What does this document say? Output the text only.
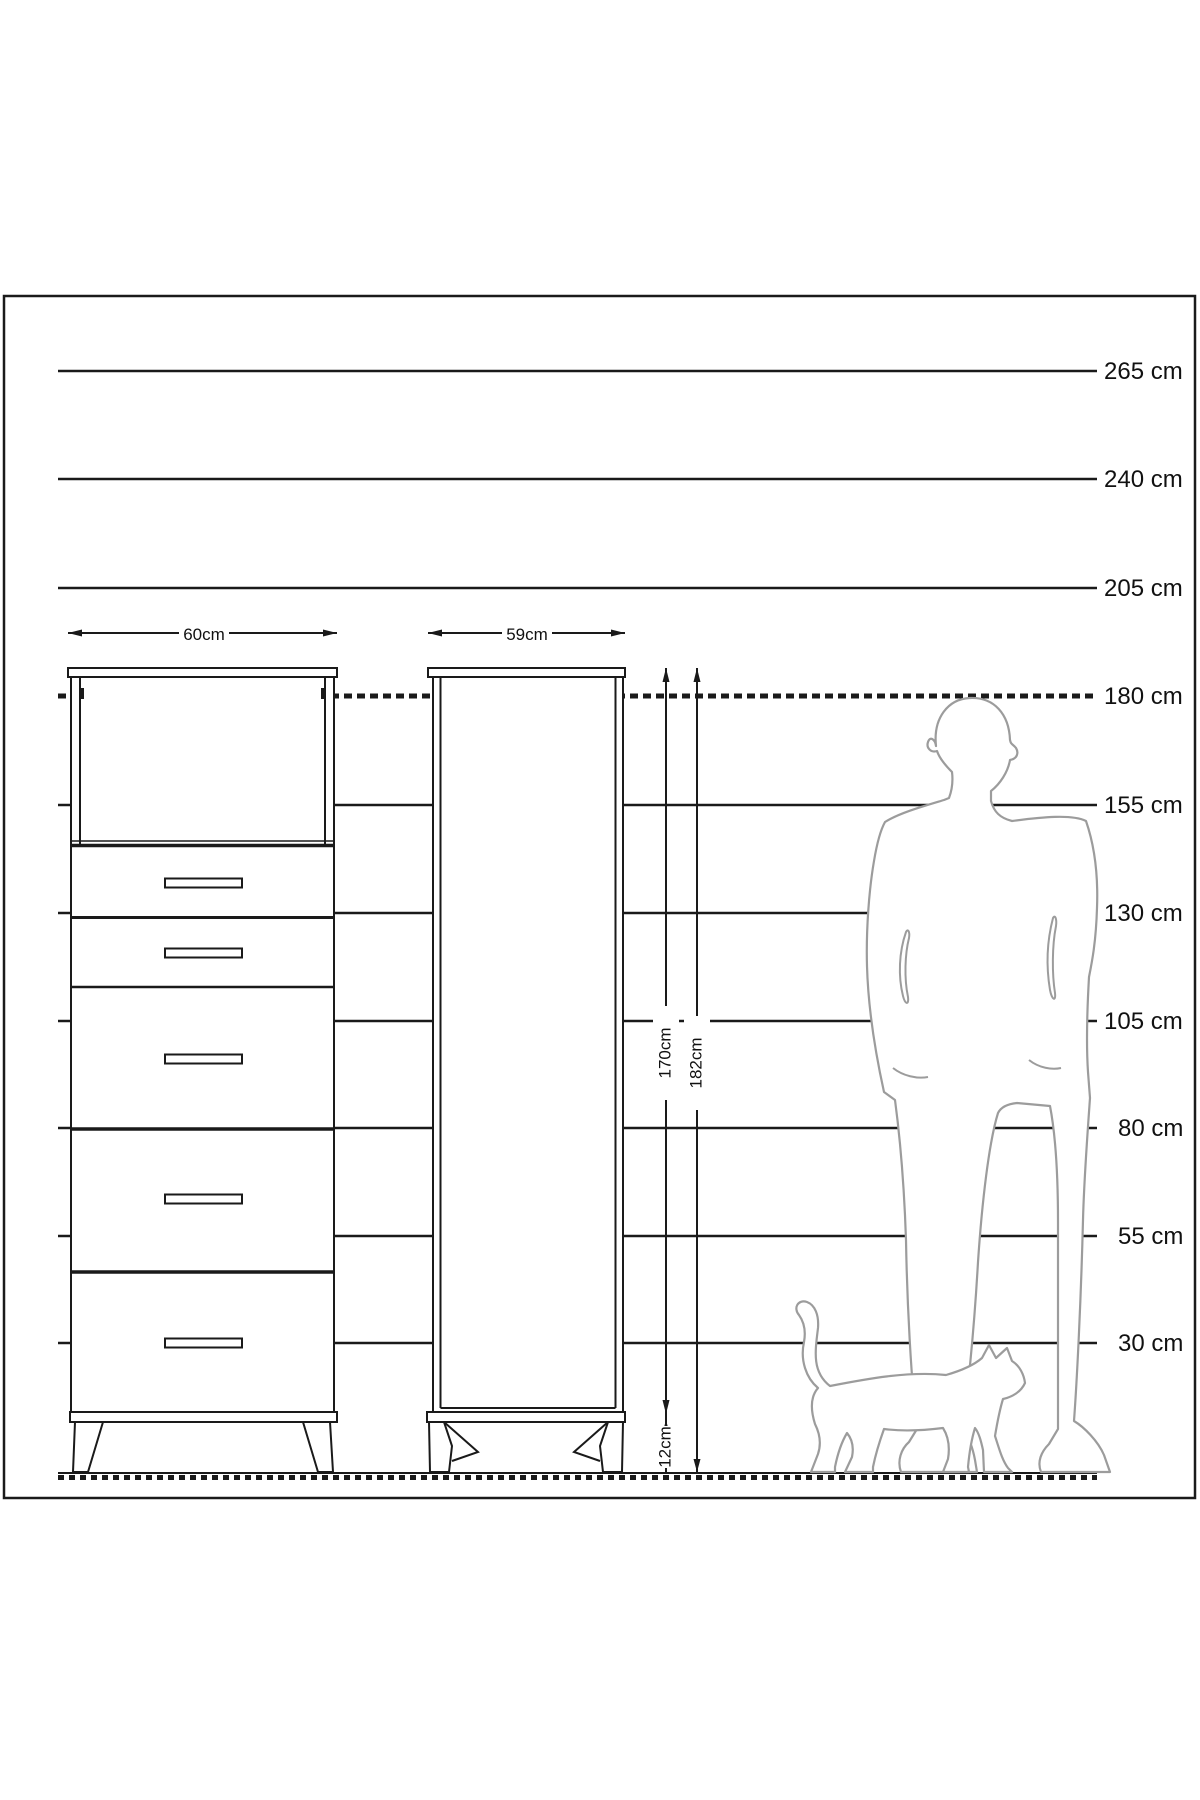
60cm	59cm
170cm
12cm
182cm
265 cm
240 cm
205 cm
180 cm
155 cm
130 cm
105 cm
80 cm
55 cm
30 cm
